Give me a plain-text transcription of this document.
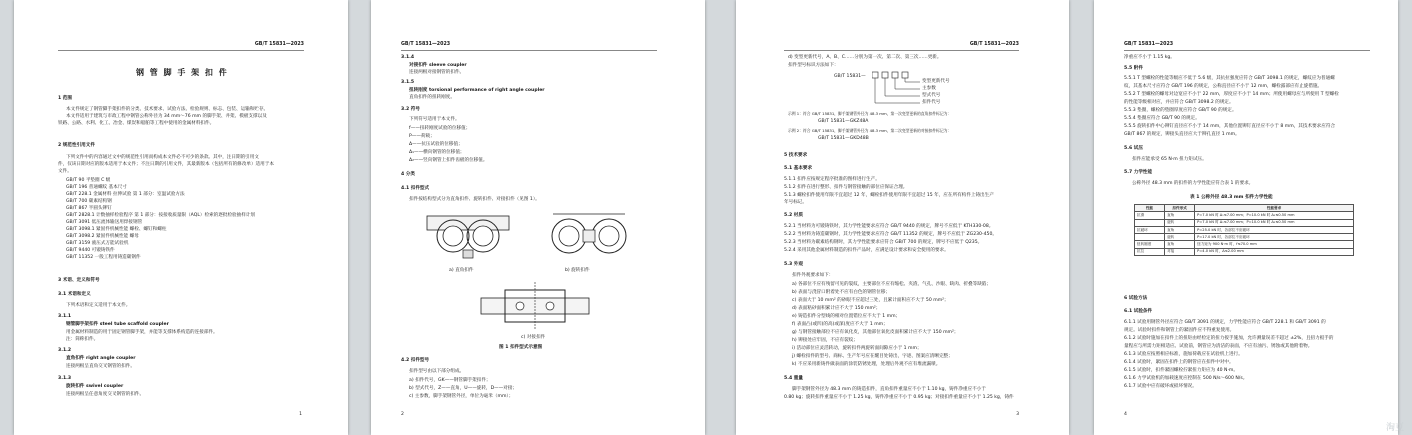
GB/T 15831—2023
钢 管 脚 手 架 扣 件
1 范围
本文件规定了钢管脚手架扣件的分类、技术要求、试验方法、检验规则、标志、包装、运输和贮存。
本文件适用于建筑与市政工程中钢管公称外径为 34 mm～76 mm 的脚手架、井架、模板支撑以及
铁路、公路、水利、化工、冶金、煤炭和船舶等工程中使用的金属材料扣件。
2 规范性引用文件
下列文件中的内容通过文中的规范性引用而构成本文件必不可少的条款。其中，注日期的引用文
件，仅该日期对应的版本适用于本文件；不注日期的引用文件，其最新版本（包括所有的修改单）适用于本
文件。
GB/T 90 平垫圈 C 级
GB/T 196 普通螺纹 基本尺寸
GB/T 228.1 金属材料 拉伸试验 第 1 部分：室温试验方法
GB/T 700 碳素结构钢
GB/T 867 半圆头铆钉
GB/T 2828.1 计数抽样检验程序 第 1 部分：按接收质量限（AQL）检索的逐批检验抽样计划
GB/T 3091 低压流体输送用焊接钢管
GB/T 3098.1 紧固件机械性能 螺栓、螺钉和螺柱
GB/T 3098.2 紧固件机械性能 螺母
GB/T 3159 液压式万能试验机
GB/T 9440 可锻铸铁件
GB/T 11352 一般工程用铸造碳钢件
3 术语、定义和符号
3.1 术语和定义
下列术语和定义适用于本文件。
3.1.1
钢管脚手架扣件 steel tube scaffold coupler
用金属材料制造的用于固定钢管脚手架，并能等支撑体系构造的连接部件。
注：简称扣件。
3.1.2
直角扣件 right angle coupler
连接两根呈直角交叉钢管的扣件。
3.1.3
旋转扣件 swivel coupler
连接两根呈任意角度交叉钢管的扣件。
1
GB/T 15831—2023
3.1.4
对接扣件 sleeve coupler
连接两根对接钢管的扣件。
3.1.5
扭转刚度 torsional performance of right angle coupler
直角扣件的扭转刚度。
3.2 符号
下列符号适用于本文件。
f——扭转刚度试验的位移值；
P——荷载；
Δ——抗压试验的位移值；
Δ₁——横向钢管的位移值；
Δ₂——竖向钢管上扣件齿板的位移值。
4 分类
4.1 扣件型式
扣件按结构型式分为直角扣件、旋转扣件、对接扣件（见图 1）。
a) 直角扣件	b) 旋转扣件
c) 对接扣件
图 1 扣件型式示意图
4.2 扣件型号
扣件型号由以下部分组成。
a) 扣件代号，GK——钢管脚手架扣件；
b) 型式代号，Z——直角，U——旋转，D——对接；
c) 主参数，脚手架钢管外径，单位为毫米（mm）；
2
GB/T 15831—2023
d) 变型更新代号，A、B、C……分别为第一次、第二次、第三次……更新。
扣件型号标识方法如下：
GB/T 15831—
变型更新代号
主参数
型式代号
扣件代号
示例 1：符合 GB/T 15831，脚手架钢管外径为 48.3 mm，第一次变型更新的直角扣件标记为：
GB/T 15831—GKZ48A
示例 2：符合 GB/T 15831，脚手架钢管外径为 48.3 mm，第二次变型更新的对接扣件标记为：
GB/T 15831—GKD48B
5 技术要求
5.1 基本要求
5.1.1 扣件应按规定程序批准的图样进行生产。
5.1.2 扣件在进行整形、扣件与钢管接触的部位应保证合理。
5.1.3 螺栓扣件使用年限不宜超过 12 年，螺栓扣件使用年限不宜超过 15 年，应在所有构件上铸出生产
年号标记。
5.2 材质
5.2.1 当材料为可锻铸铁时，其力学性能要求应符合 GB/T 9440 的规定，牌号不应低于 KTH330-08。
5.2.2 当材料为铸造碳钢时，其力学性能要求应符合 GB/T 11352 的规定，牌号不应低于 ZG230-450。
5.2.3 当材料为碳素结构钢时，其力学性能要求应符合 GB/T 700 的规定，牌号不应低于 Q235。
5.2.4 采用其他金属材料制造的扣件产品时，应满足设计要求和安全使用的要求。
5.3 外观
扣件外观要求如下：
a) 各部位不应有残留可见的裂纹，主要部位不应有缩松、夹渣、气孔、沙眼、缺肉、折叠等缺陷；
b) 表面与浇冒口附着处不应有白色的钢管位移；
c) 表面大于 10 mm² 的砂眼不应超过三处，且累计面积应不大于 50 mm²；
d) 表面粘砂面积累计应不大于 150 mm²；
e) 铸造扣件分型线的相对位置错位应不大于 1 mm；
f) 表面凸(或凹)的高(或深)度应不大于 1 mm；
g) 与钢管接触部位不应有氧化皮，其他部位氧化皮面积累计应不大于 150 mm²；
h) 铆接处应牢固，不应有裂纹；
i) 活动部位应灵活转动，旋转扣件两旋转面间隙应小于 1 mm；
j) 螺栓扣件的型号、商标、生产年号应在醒目处铸出，字迹、图案应清晰完整；
k) 不应采用新铸件做表面的涂装防锈处理，处理后外观不应有堆流漏喷。
5.4 重量
脚手架钢管外径为 48.3 mm 的铸造扣件，直角扣件重量应不小于 1.10 kg，铸件净重应不小于
0.80 kg；旋转扣件重量应不小于 1.25 kg，铸件净重应不小于 0.95 kg；对接扣件重量应不小于 1.25 kg，铸件
3
GB/T 15831—2023
净重应不小于 1.15 kg。
5.5 附件
5.5.1 T 型螺栓的性能等级应不低于 5.6 级，其抗拉强度应符合 GB/T 3098.1 的规定，螺纹应为普通螺
纹，其基本尺寸应符合 GB/T 196 的规定，公称直径应不小于 12 mm，螺栓露部应有止旋措施。
5.5.2 T 型螺栓的螺母对边宽应不小于 22 mm，厚度应不小于 14 mm；所使用螺母应与所使用 T 型螺栓
的性能等级相对应，并应符合 GB/T 3098.2 的规定。
5.5.3 垫圈，螺栓的垫圈厚度应符合 GB/T 90 的规定。
5.5.4 垫圈应符合 GB/T 90 的规定。
5.5.5 旋转扣件中心铆钉直径应不小于 14 mm，其他位置铆钉直径应不小于 8 mm，其技术要求应符合
GB/T 867 的规定，铆接头直径应大于铆孔直径 1 mm。
5.6 试压
扣件应能承受 65 N·m 扭力矩试压。
5.7 力学性能
公称外径 48.3 mm 的扣件的力学性能应符合表 1 的要求。
表 1 公称外径 48.3 mm 扣件力学性能
性能	扣件形式	性能要求
抗滑	直角	P=7.0 kN 时 Δ₁≤7.00 mm；P=10.0 kN 时 Δ₂≤0.50 mm
	旋转	P=7.0 kN 时 Δ₁≤7.00 mm；P=10.0 kN 时 Δ₂≤0.50 mm
抗破坏	直角	P=25.0 kN 时，各部位不应破坏
	旋转	P=17.0 kN 时，各部位不应破坏
扭转刚度	直角	扭力矩为 900 N·m 时，f≤70.0 mm
抗拉	对接	P=4.0 kN 时，Δ≤2.00 mm
6 试验方法
6.1 试验条件
6.1.1 试验用钢管外径应符合 GB/T 3091 的规定，力学性能应符合 GB/T 228.1 和 GB/T 3091 的
规定。试验时扣件和钢管上的紧固件应不得重复使用。
6.1.2 试验时施加在扣件上的扭矩由经检定的扭力扳手施加，允许测量误差不超过 ±2%，且扭力扳手的
量程应与所需力矩相适应。试验前，钢管应为清洁的表面，不应有油污、锈蚀或其他附着物。
6.1.3 试验应按照相应标准，施加荷载应在试验机上进行。
6.1.4 试验时，紧固在扣件上的钢管应在扣件中对中。
6.1.5 试验时，扣件紧固螺栓拧紧扭力矩应为 40 N·m。
6.1.6 力学试验机的加载速度应控制在 500 N/s～600 N/s。
6.1.7 试验中应有破坏或损坏情况。
4
淘豆
